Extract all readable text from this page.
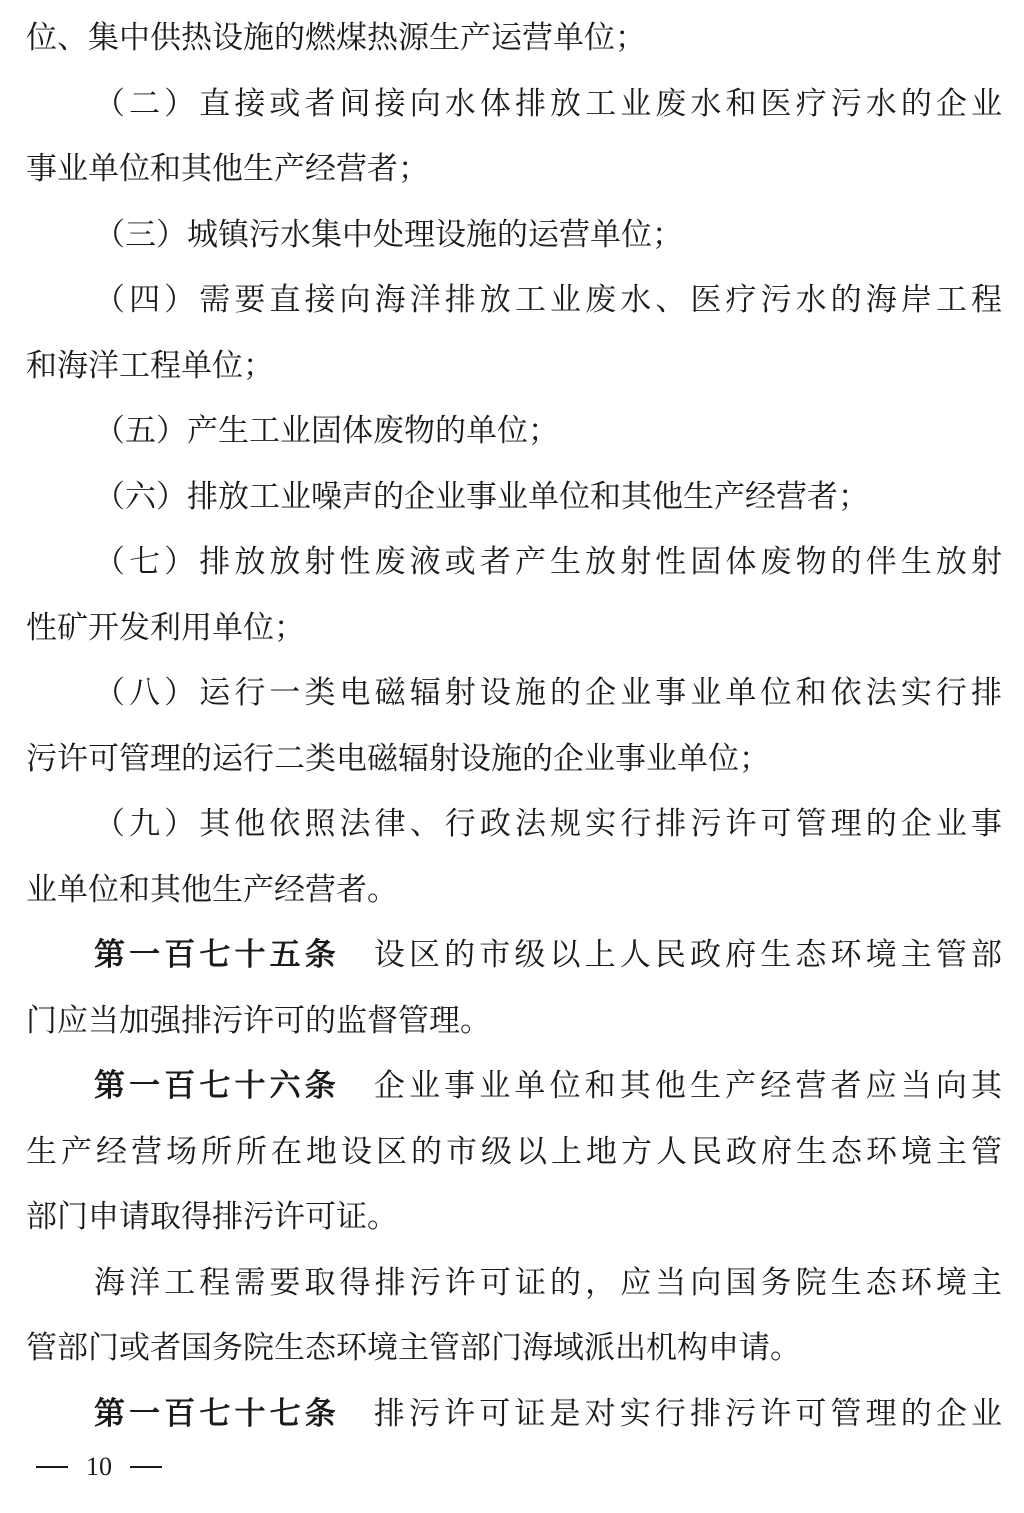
位、集中供热设施的燃煤热源生产运营单位；
（二）直接或者间接向水体排放工业废水和医疗污水的企业
事业单位和其他生产经营者；
（三）城镇污水集中处理设施的运营单位；
（四）需要直接向海洋排放工业废水、医疗污水的海岸工程
和海洋工程单位；
（五）产生工业固体废物的单位；
（六）排放工业噪声的企业事业单位和其他生产经营者；
（七）排放放射性废液或者产生放射性固体废物的伴生放射
性矿开发利用单位；
（八）运行一类电磁辐射设施的企业事业单位和依法实行排
污许可管理的运行二类电磁辐射设施的企业事业单位；
（九）其他依照法律、行政法规实行排污许可管理的企业事
业单位和其他生产经营者。
第一百七十五条 设区的市级以上人民政府生态环境主管部
门应当加强排污许可的监督管理。
第一百七十六条 企业事业单位和其他生产经营者应当向其
生产经营场所所在地设区的市级以上地方人民政府生态环境主管
部门申请取得排污许可证。
海洋工程需要取得排污许可证的，应当向国务院生态环境主
管部门或者国务院生态环境主管部门海域派出机构申请。
第一百七十七条 排污许可证是对实行排污许可管理的企业
10
